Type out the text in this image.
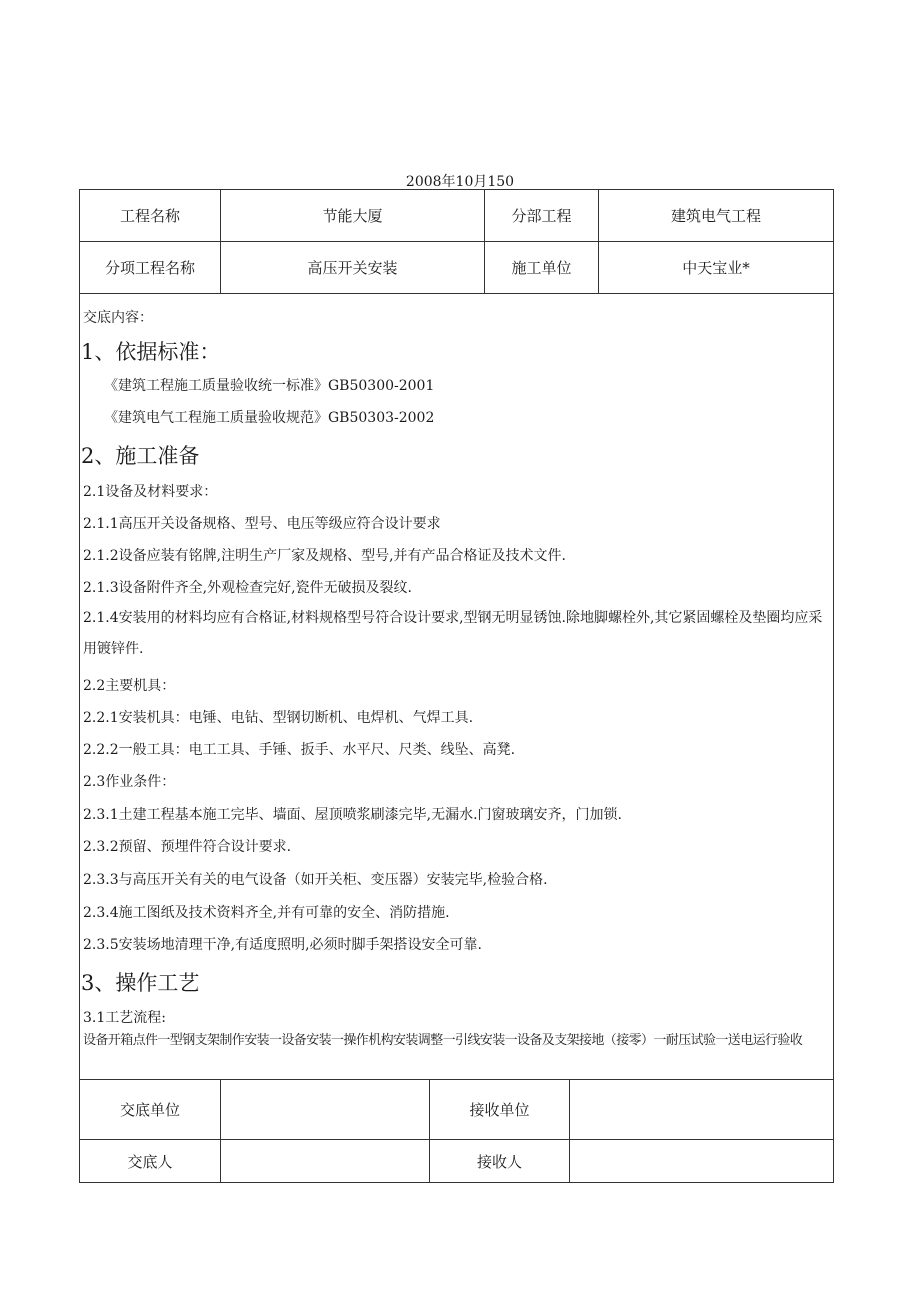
2008年10月150
工程名称	节能大厦	分部工程	建筑电气工程
分项工程名称	高压开关安装	施工单位	中天宝业*
交底内容：
1、依据标准：
《建筑工程施工质量验收统一标准》GB50300-2001
《建筑电气工程施工质量验收规范》GB50303-2002
2、施工准备
2.1设备及材料要求：
2.1.1高压开关设备规格、型号、电压等级应符合设计要求
2.1.2设备应装有铭牌,注明生产厂家及规格、型号,并有产品合格证及技术文件.
2.1.3设备附件齐全,外观检查完好,瓷件无破损及裂纹.
2.1.4安装用的材料均应有合格证,材料规格型号符合设计要求,型钢无明显锈蚀.除地脚螺栓外,其它紧固螺栓及垫圈均应采用镀锌件.
2.2主要机具：
2.2.1安装机具：电锤、电钻、型钢切断机、电焊机、气焊工具.
2.2.2一般工具：电工工具、手锤、扳手、水平尺、尺类、线坠、高凳.
2.3作业条件：
2.3.1土建工程基本施工完毕、墙面、屋顶喷浆刷漆完毕,无漏水.门窗玻璃安齐，门加锁.
2.3.2预留、预埋件符合设计要求.
2.3.3与高压开关有关的电气设备（如开关柜、变压器）安装完毕,检验合格.
2.3.4施工图纸及技术资料齐全,并有可靠的安全、消防措施.
2.3.5安装场地清理干净,有适度照明,必须时脚手架搭设安全可靠.
3、操作工艺
3.1工艺流程:
设备开箱点件一型钢支架制作安装一设备安装一操作机构安装调整一引线安装一设备及支架接地（接零）一耐压试验一送电运行验收
交底单位		接收单位	
交底人		接收人	
